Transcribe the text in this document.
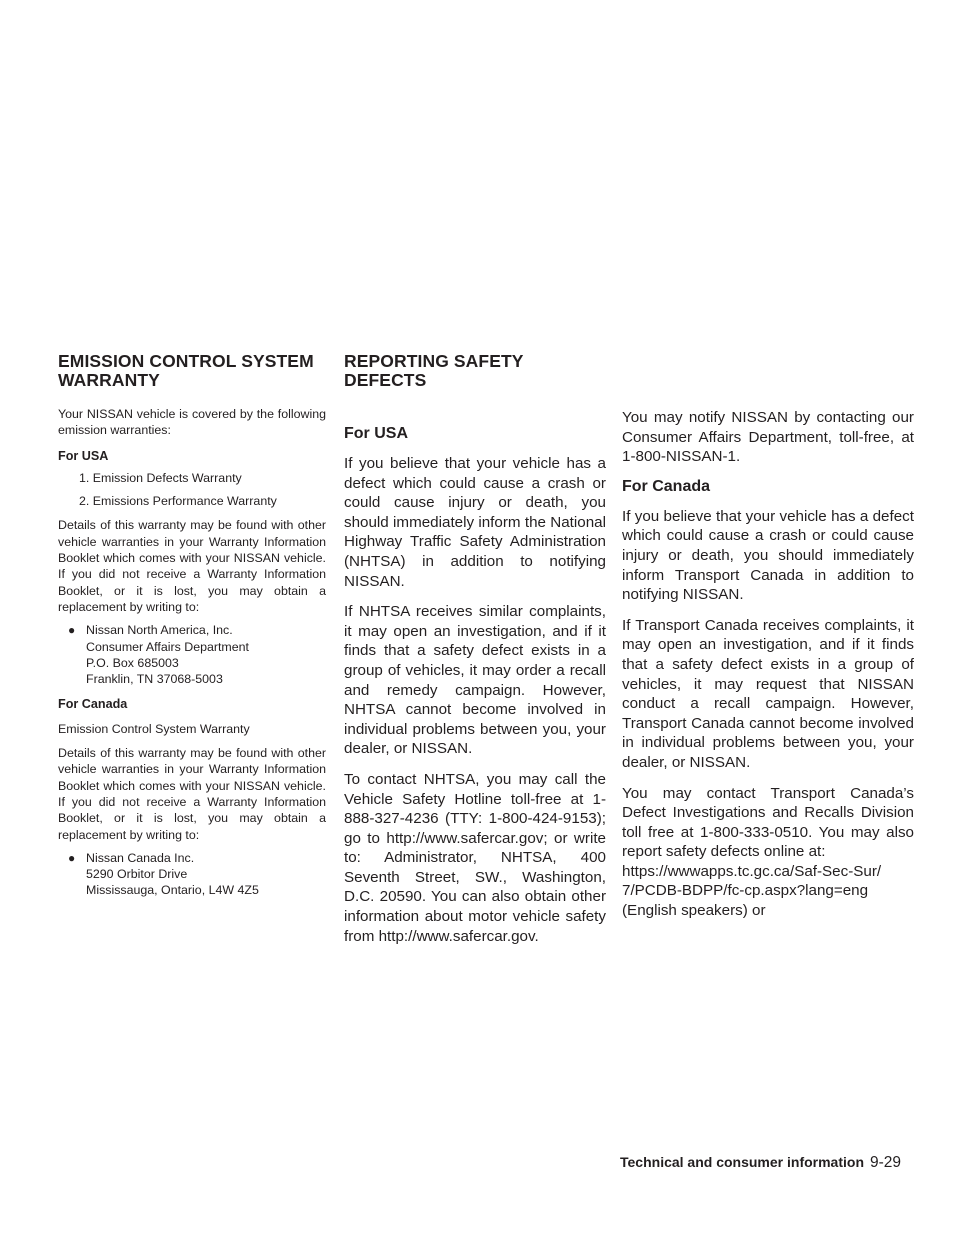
EMISSION CONTROL SYSTEM
WARRANTY

Your NISSAN vehicle is covered by the following emission warranties:

For USA

1. Emission Defects Warranty
2. Emissions Performance Warranty

Details of this warranty may be found with other vehicle warranties in your Warranty Information Booklet which comes with your NISSAN vehicle. If you did not receive a Warranty Information Booklet, or it is lost, you may obtain a replacement by writing to:

● Nissan North America, Inc.
Consumer Affairs Department
P.O. Box 685003
Franklin, TN 37068-5003

For Canada

Emission Control System Warranty

Details of this warranty may be found with other vehicle warranties in your Warranty Information Booklet which comes with your NISSAN vehicle. If you did not receive a Warranty Information Booklet, or it is lost, you may obtain a replacement by writing to:

● Nissan Canada Inc.
5290 Orbitor Drive
Mississauga, Ontario, L4W 4Z5
REPORTING SAFETY DEFECTS

For USA

If you believe that your vehicle has a defect which could cause a crash or could cause injury or death, you should immediately inform the National Highway Traffic Safety Administration (NHTSA) in addition to notifying NISSAN.

If NHTSA receives similar complaints, it may open an investigation, and if it finds that a safety defect exists in a group of vehicles, it may order a recall and remedy campaign. However, NHTSA cannot become involved in individual problems between you, your dealer, or NISSAN.

To contact NHTSA, you may call the Vehicle Safety Hotline toll-free at 1-888-327-4236 (TTY: 1-800-424-9153); go to http://www.safercar.gov; or write to: Administrator, NHTSA, 400 Seventh Street, SW., Washington, D.C. 20590. You can also obtain other information about motor vehicle safety from http://www.safercar.gov.

You may notify NISSAN by contacting our Consumer Affairs Department, toll-free, at 1-800-NISSAN-1.

For Canada

If you believe that your vehicle has a defect which could cause a crash or could cause injury or death, you should immediately inform Transport Canada in addition to notifying NISSAN.

If Transport Canada receives complaints, it may open an investigation, and if it finds that a safety defect exists in a group of vehicles, it may request that NISSAN conduct a recall campaign. However, Transport Canada cannot become involved in individual problems between you, your dealer, or NISSAN.

You may contact Transport Canada’s Defect Investigations and Recalls Division toll free at 1-800-333-0510. You may also report safety defects online at:

https://wwwapps.tc.gc.ca/Saf-Sec-Sur/

7/PCDB-BDPP/fc-cp.aspx?lang=eng

(English speakers) or

Technical and consumer information 9-29
